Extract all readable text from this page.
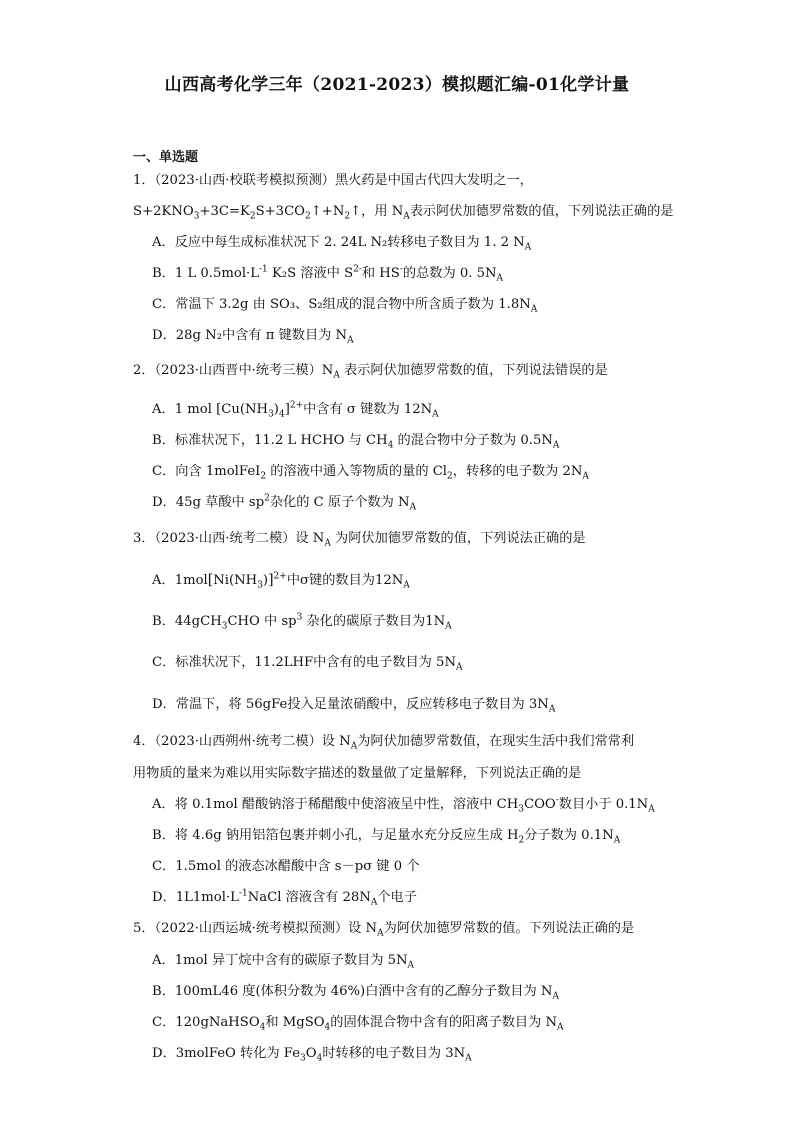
山西高考化学三年（2021-2023）模拟题汇编-01化学计量
一、单选题
1．（2023·山西·校联考模拟预测）黑火药是中国古代四大发明之一，
$S+2KNO_3+3C=K_2S+3CO_2↑+N_2↑$，用 $N_A$表示阿伏加德罗常数的值，下列说法正确的是
A．反应中每生成标准状况下 2. 24L N₂转移电子数目为 1. 2 $N_A$
B．1 L $0.5mol\cdot L^{-1}$ K₂S 溶液中 $S^{2-}$和 HS-的总数为 0. $5N_A$
C．常温下 3.2g 由 SO₃、S₂组成的混合物中所含质子数为 $1.8N_A$
D．28g N₂中含有 π 键数目为 $N_A$
2．（2023·山西晋中·统考三模）$N_A$ 表示阿伏加德罗常数的值，下列说法错误的是
A．1 mol $[Cu(NH_3)_4]^{2+}$中含有 σ 键数为 $12N_A$
B．标准状况下，11.2 L HCHO 与 $CH_4$ 的混合物中分子数为 $0.5N_A$
C．向含 1molFeI$_2$ 的溶液中通入等物质的量的 $Cl_2$，转移的电子数为 $2N_A$
D．45g 草酸中 $sp^2$杂化的 C 原子个数为 $N_A$
3．（2023·山西·统考二模）设 $N_A$ 为阿伏加德罗常数的值，下列说法正确的是
A．$1mol[Ni(NH_3)]^{2+}$中σ键的数目为$12N_A$
B．44gCH$_3$CHO 中 $sp^3$ 杂化的碳原子数目为$1N_A$
C．标准状况下，11.2LHF中含有的电子数目为 $5N_A$
D．常温下，将 56gFe投入足量浓硝酸中，反应转移电子数目为 $3N_A$
4．（2023·山西朔州·统考二模）设 $N_A$为阿伏加德罗常数值，在现实生活中我们常常利
用物质的量来为难以用实际数字描述的数量做了定量解释，下列说法正确的是
A．将 0.1mol 醋酸钠溶于稀醋酸中使溶液呈中性，溶液中 $CH_3COO^-$数目小于 $0.1N_A$
B．将 4.6g 钠用铝箔包裹并刺小孔，与足量水充分反应生成 $H_2$分子数为 $0.1N_A$
C．1.5mol 的液态冰醋酸中含 s－pσ 键 0 个
D．$1L1mol\cdot L^{-1}NaCl$ 溶液含有 $28N_A$个电子
5．（2022·山西运城·统考模拟预测）设 $N_A$为阿伏加德罗常数的值。下列说法正确的是
A．1mol 异丁烷中含有的碳原子数目为 $5N_A$
B．100mL46 度(体积分数为 46%)白酒中含有的乙醇分子数目为 $N_A$
C．120gNaHSO$_4$和 MgSO$_4$的固体混合物中含有的阳离子数目为 $N_A$
D．3molFeO 转化为 $Fe_3O_4$时转移的电子数目为 $3N_A$
